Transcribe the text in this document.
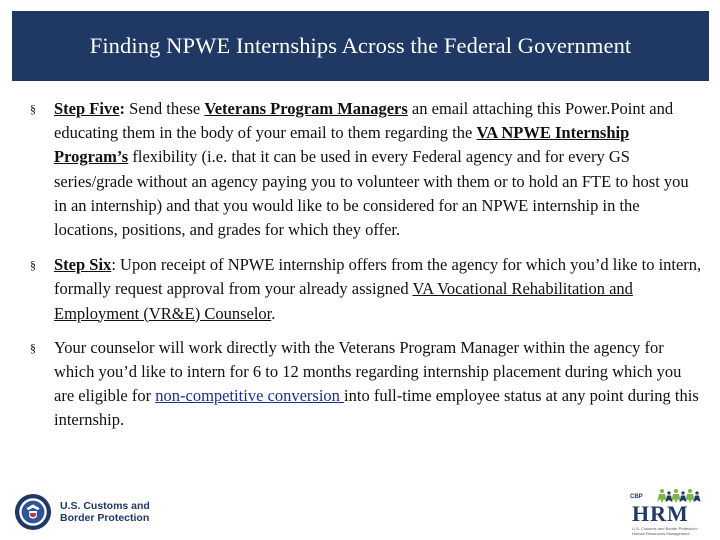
Finding NPWE Internships Across the Federal Government
§ Step Five: Send these Veterans Program Managers an email attaching this Power.Point and educating them in the body of your email to them regarding the VA NPWE Internship Program’s flexibility (i.e. that it can be used in every Federal agency and for every GS series/grade without an agency paying you to volunteer with them or to hold an FTE to host you in an internship) and that you would like to be considered for an NPWE internship in the locations, positions, and grades for which they offer.
§ Step Six: Upon receipt of NPWE internship offers from the agency for which you’d like to intern, formally request approval from your already assigned VA Vocational Rehabilitation and Employment (VR&E) Counselor.
§ Your counselor will work directly with the Veterans Program Manager within the agency for which you’d like to intern for 6 to 12 months regarding internship placement during which you are eligible for non-competitive conversion into full-time employee status at any point during this internship.
U.S. Customs and
Border Protection
CBP
HRM
U.S. Customs and Border Protection · Human Resources Management
